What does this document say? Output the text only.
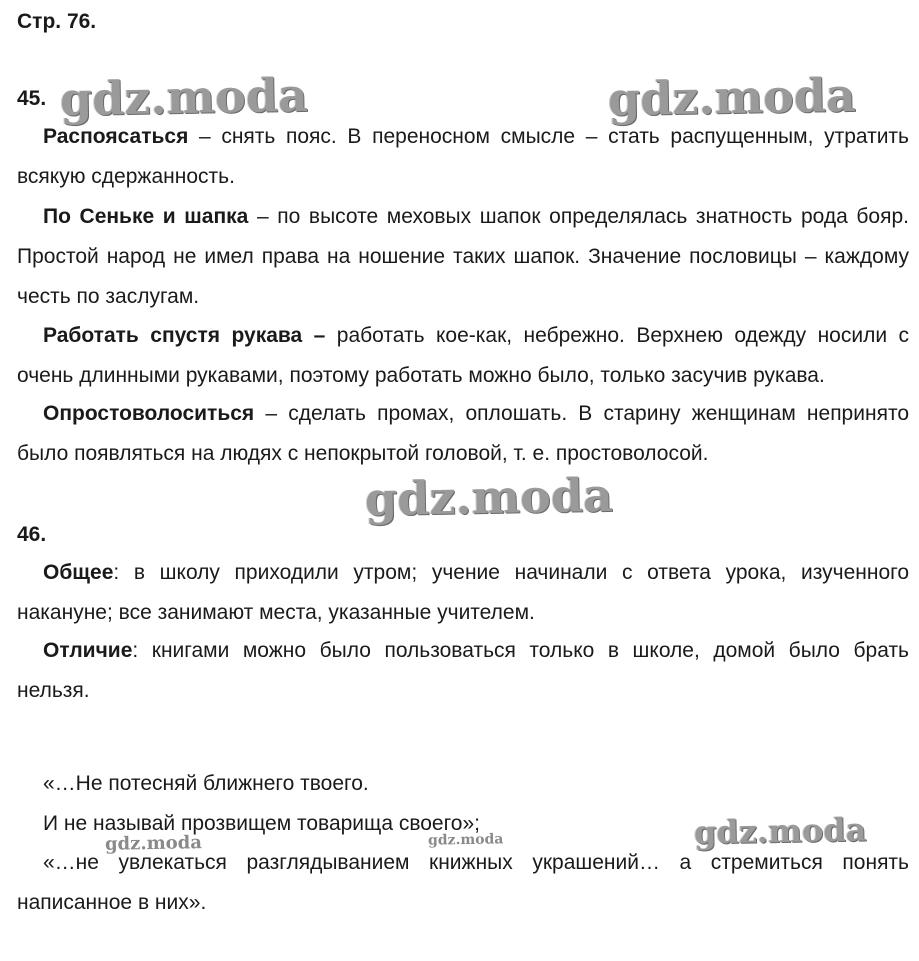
Стр. 76.
45.
Распоясаться – снять пояс. В переносном смысле – стать распущенным, утратить всякую сдержанность.
По Сеньке и шапка – по высоте меховых шапок определялась знатность рода бояр. Простой народ не имел права на ношение таких шапок. Значение пословицы – каждому честь по заслугам.
Работать спустя рукава – работать кое-как, небрежно. Верхнею одежду носили с очень длинными рукавами, поэтому работать можно было, только засучив рукава.
Опростоволоситься – сделать промах, оплошать. В старину женщинам непринято было появляться на людях с непокрытой головой, т. е. простоволосой.
46.
Общее: в школу приходили утром; учение начинали с ответа урока, изученного накануне; все занимают места, указанные учителем.
Отличие: книгами можно было пользоваться только в школе, домой было брать нельзя.
«…Не потесняй ближнего твоего.
И не называй прозвищем товарища своего»;
«…не увлекаться разглядыванием книжных украшений… а стремиться понять написанное в них».
gdz.moda	gdz.moda
gdz.moda
gdz.moda
gdz.moda	gdz.moda
